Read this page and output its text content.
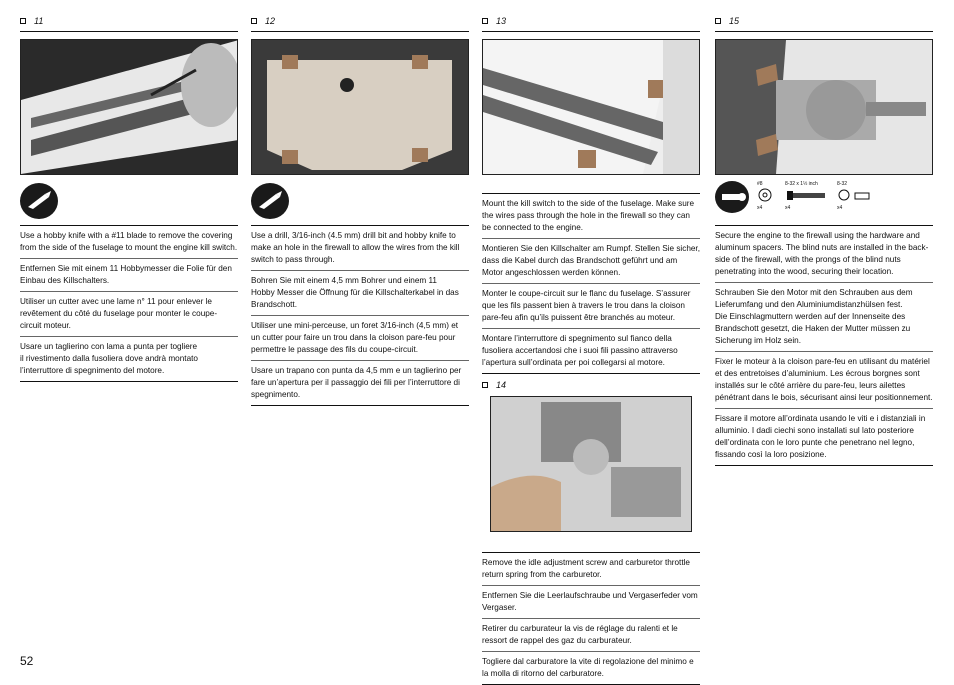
11
Use a hobby knife with a #11 blade to remove the covering from the side of the fuselage to mount the engine kill switch.
Entfernen Sie mit einem 11 Hobbymesser die Folie für den Einbau des Killschalters.
Utiliser un cutter avec une lame n° 11 pour enlever le revêtement du côté du fuselage pour monter le coupe-circuit moteur.
Usare un taglierino con lama a punta per togliere
il rivestimento dalla fusoliera dove andrà montato
l’interruttore di spegnimento del motore.
12
Use a drill, 3/16-inch (4.5 mm) drill bit and hobby knife to make an hole in the firewall to allow the wires from the kill switch to pass through.
Bohren Sie mit einem 4,5 mm Bohrer und einem 11
Hobby Messer die Öffnung für die Killschalterkabel in das Brandschott.
Utiliser une mini-perceuse, un foret 3/16-inch (4,5 mm) et un cutter pour faire un trou dans la cloison pare-feu pour permettre le passage des fils du coupe-circuit.
Usare un trapano con punta da 4,5 mm e un taglierino per fare un’apertura per il passaggio dei fili per l’interruttore di spegnimento.
13
Mount the kill switch to the side of the fuselage. Make sure the wires pass through the hole in the firewall so they can be connected to the engine.
Montieren Sie den Killschalter am Rumpf. Stellen Sie sicher, dass die Kabel durch das Brandschott geführt und am Motor angeschlossen werden können.
Monter le coupe-circuit sur le flanc du fuselage. S’assurer que les fils passent bien à travers le trou dans la cloison pare-feu afin qu’ils puissent être branchés au moteur.
Montare l’interruttore di spegnimento sul fianco della fusoliera accertandosi che i suoi fili passino attraverso l’apertura sull’ordinata per poi collegarsi al motore.
14
Remove the idle adjustment screw and carburetor throttle return spring from the carburetor.
Entfernen Sie die Leerlaufschraube und Vergaserfeder vom Vergaser.
Retirer du carburateur la vis de réglage du ralenti et le ressort de rappel des gaz du carburateur.
Togliere dal carburatore la vite di regolazione del minimo e la molla di ritorno del carburatore.
15
#8
x4
8-32 x 1½ inch
x4
8-32
x4
Secure the engine to the firewall using the hardware and aluminum spacers. The blind nuts are installed in the back-side of the firewall, with the prongs of the blind nuts penetrating into the wood, securing their location.
Schrauben Sie den Motor mit den Schrauben aus dem Lieferumfang und den Aluminiumdistanzhülsen fest.
Die Einschlagmuttern werden auf der Innenseite des Brandschott gesetzt, die Haken der Mutter müssen zu Sicherung im Holz sein.
Fixer le moteur à la cloison pare-feu en utilisant du matériel et des entretoises d’aluminium. Les écrous borgnes sont installés sur le côté arrière du pare-feu, leurs ailettes pénétrant dans le bois, sécurisant ainsi leur positionnement.
Fissare il motore all’ordinata usando le viti e i distanziali in alluminio. I dadi ciechi sono installati sul lato posteriore dell’ordinata con le loro punte che penetrano nel legno, fissando così la loro posizione.
52
